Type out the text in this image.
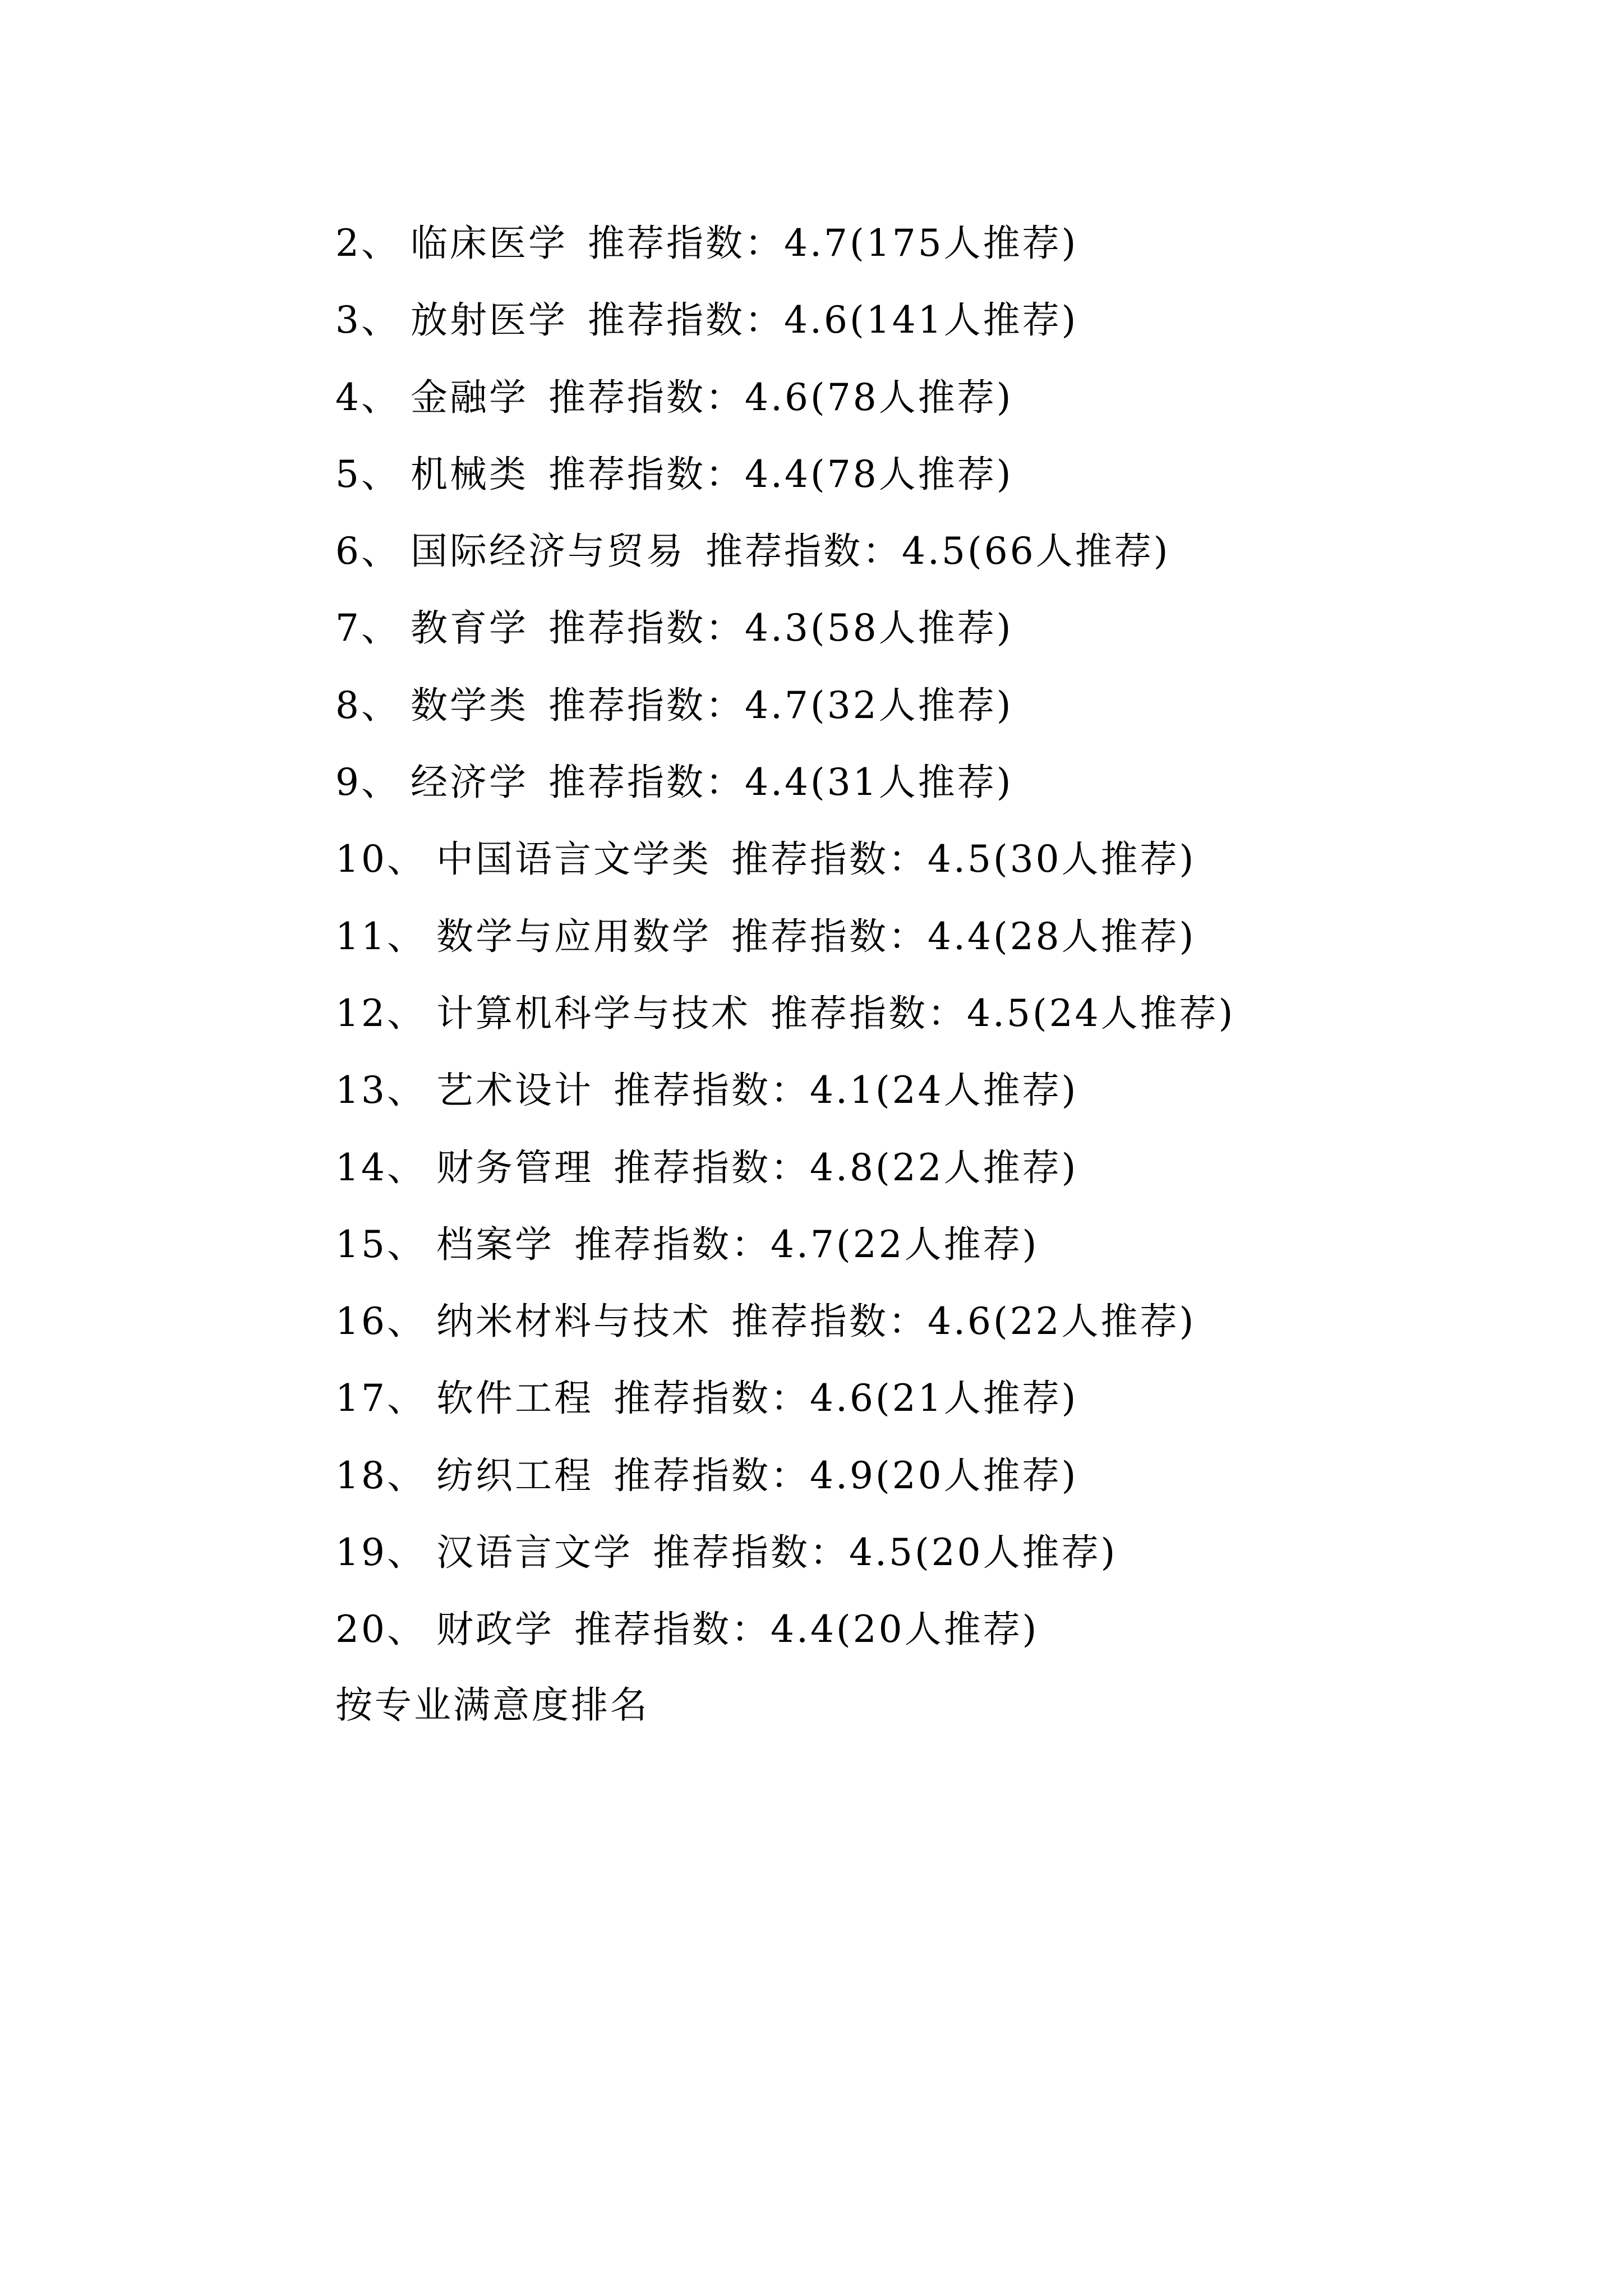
2、 临床医学 推荐指数：4.7(175人推荐)
3、 放射医学 推荐指数：4.6(141人推荐)
4、 金融学 推荐指数：4.6(78人推荐)
5、 机械类 推荐指数：4.4(78人推荐)
6、 国际经济与贸易 推荐指数：4.5(66人推荐)
7、 教育学 推荐指数：4.3(58人推荐)
8、 数学类 推荐指数：4.7(32人推荐)
9、 经济学 推荐指数：4.4(31人推荐)
10、 中国语言文学类 推荐指数：4.5(30人推荐)
11、 数学与应用数学 推荐指数：4.4(28人推荐)
12、 计算机科学与技术 推荐指数：4.5(24人推荐)
13、 艺术设计 推荐指数：4.1(24人推荐)
14、 财务管理 推荐指数：4.8(22人推荐)
15、 档案学 推荐指数：4.7(22人推荐)
16、 纳米材料与技术 推荐指数：4.6(22人推荐)
17、 软件工程 推荐指数：4.6(21人推荐)
18、 纺织工程 推荐指数：4.9(20人推荐)
19、 汉语言文学 推荐指数：4.5(20人推荐)
20、 财政学 推荐指数：4.4(20人推荐)
按专业满意度排名
